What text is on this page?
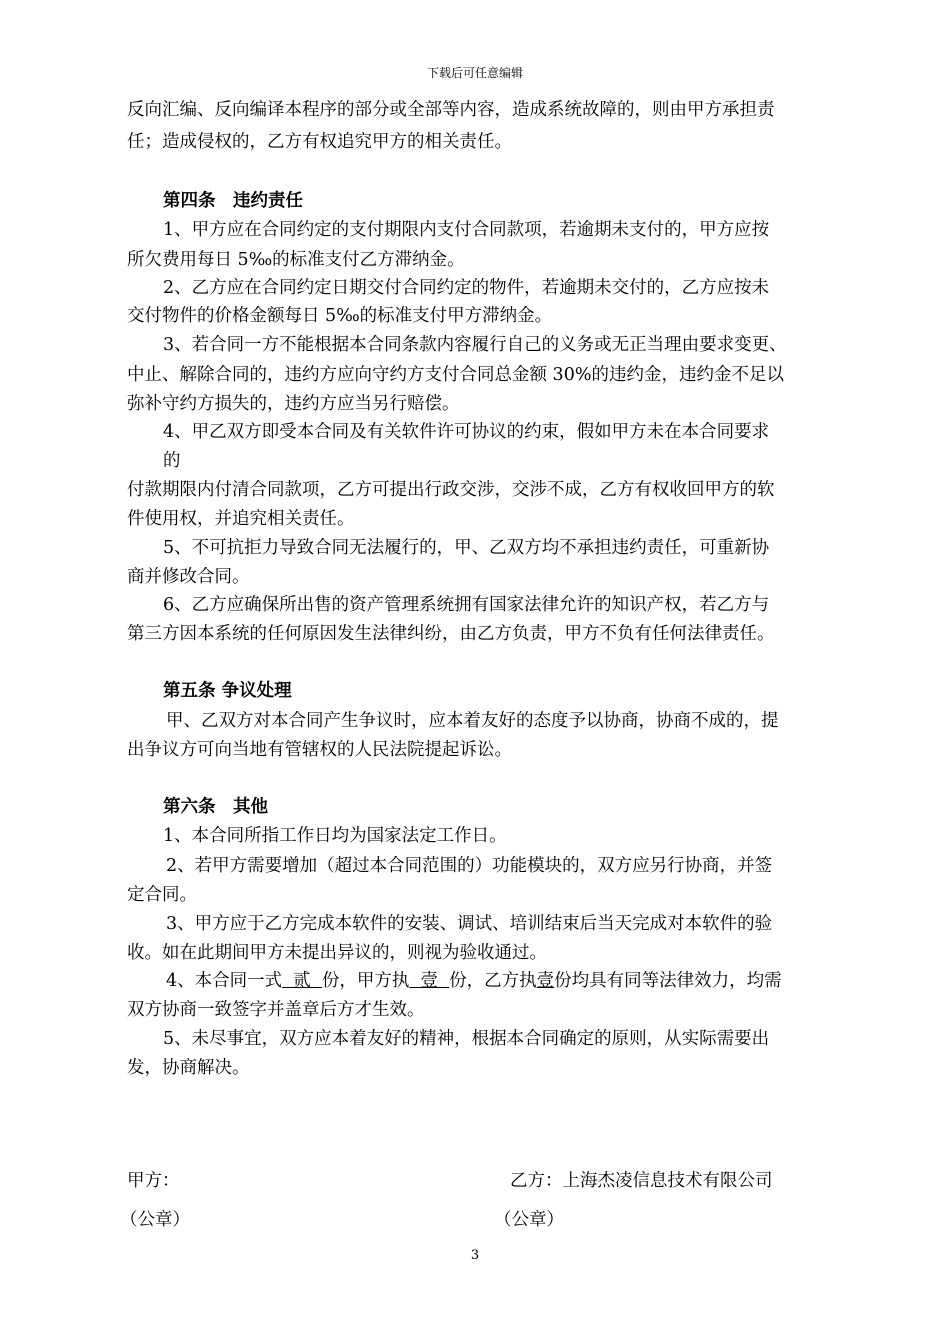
下载后可任意编辑
反向汇编、反向编译本程序的部分或全部等内容，造成系统故障的，则由甲方承担责
任；造成侵权的，乙方有权追究甲方的相关责任。
第四条　违约责任
1、甲方应在合同约定的支付期限内支付合同款项，若逾期未支付的，甲方应按
所欠费用每日 5‰的标准支付乙方滞纳金。
2、乙方应在合同约定日期交付合同约定的物件，若逾期未交付的，乙方应按未
交付物件的价格金额每日 5‰的标准支付甲方滞纳金。
3、若合同一方不能根据本合同条款内容履行自己的义务或无正当理由要求变更、
中止、解除合同的，违约方应向守约方支付合同总金额 30%的违约金，违约金不足以
弥补守约方损失的，违约方应当另行赔偿。
4、甲乙双方即受本合同及有关软件许可协议的约束，假如甲方未在本合同要求
的
付款期限内付清合同款项，乙方可提出行政交涉，交涉不成，乙方有权收回甲方的软
件使用权，并追究相关责任。
5、不可抗拒力导致合同无法履行的，甲、乙双方均不承担违约责任，可重新协
商并修改合同。
6、乙方应确保所出售的资产管理系统拥有国家法律允许的知识产权，若乙方与
第三方因本系统的任何原因发生法律纠纷，由乙方负责，甲方不负有任何法律责任。
第五条 争议处理
甲、乙双方对本合同产生争议时，应本着友好的态度予以协商，协商不成的，提
出争议方可向当地有管辖权的人民法院提起诉讼。
第六条　其他
1、本合同所指工作日均为国家法定工作日。
2、若甲方需要增加（超过本合同范围的）功能模块的，双方应另行协商，并签
定合同。
3、甲方应于乙方完成本软件的安装、调试、培训结束后当天完成对本软件的验
收。如在此期间甲方未提出异议的，则视为验收通过。
4、本合同一式  贰  份，甲方执  壹  份，乙方执壹份均具有同等法律效力，均需
双方协商一致签字并盖章后方才生效。
5、未尽事宜，双方应本着友好的精神，根据本合同确定的原则，从实际需要出
发，协商解决。
甲方：
（公章）
乙方：上海杰凌信息技术有限公司
（公章）
3
